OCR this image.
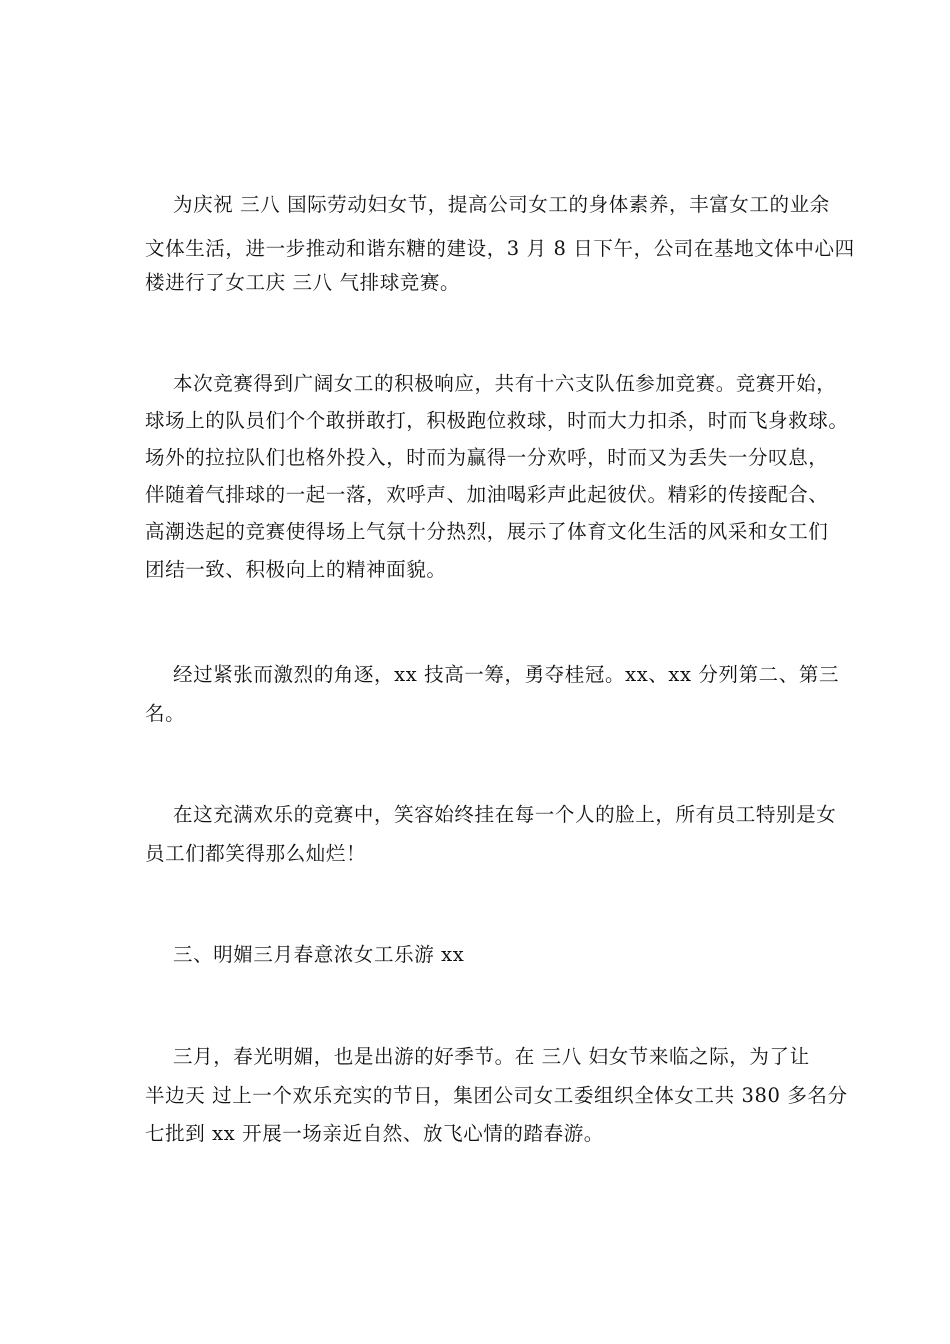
为庆祝 三八 国际劳动妇女节，提高公司女工的身体素养，丰富女工的业余
文体生活，进一步推动和谐东糖的建设，3 月 8 日下午，公司在基地文体中心四
楼进行了女工庆 三八 气排球竞赛。
本次竞赛得到广阔女工的积极响应，共有十六支队伍参加竞赛。竞赛开始，
球场上的队员们个个敢拼敢打，积极跑位救球，时而大力扣杀，时而飞身救球。
场外的拉拉队们也格外投入，时而为赢得一分欢呼，时而又为丢失一分叹息，
伴随着气排球的一起一落，欢呼声、加油喝彩声此起彼伏。精彩的传接配合、
高潮迭起的竞赛使得场上气氛十分热烈，展示了体育文化生活的风采和女工们
团结一致、积极向上的精神面貌。
经过紧张而激烈的角逐，xx 技高一筹，勇夺桂冠。xx、xx 分列第二、第三
名。
在这充满欢乐的竞赛中，笑容始终挂在每一个人的脸上，所有员工特别是女
员工们都笑得那么灿烂！
三、明媚三月春意浓女工乐游 xx
三月，春光明媚，也是出游的好季节。在 三八 妇女节来临之际，为了让
半边天 过上一个欢乐充实的节日，集团公司女工委组织全体女工共 380 多名分
七批到 xx 开展一场亲近自然、放飞心情的踏春游。
